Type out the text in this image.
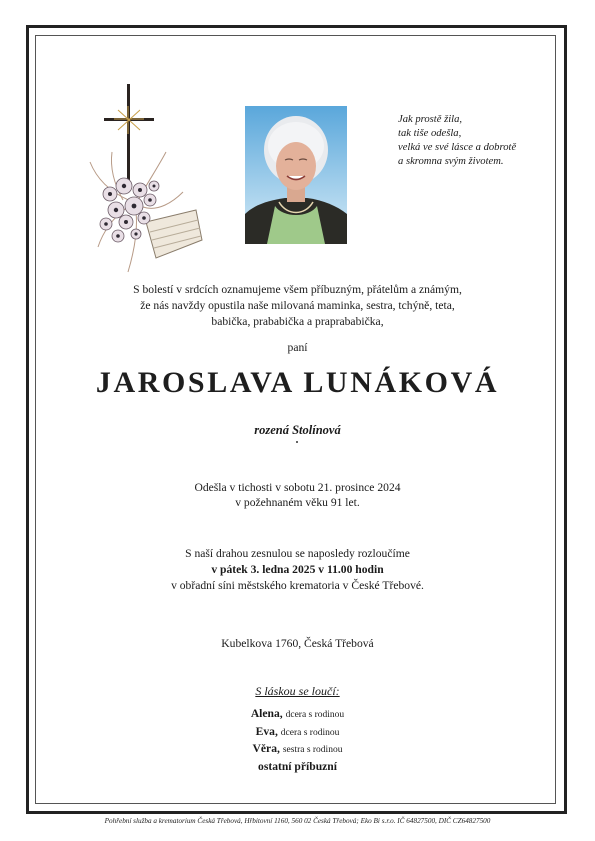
Jak prostě žila,
tak tiše odešla,
velká ve své lásce a dobrotě
a skromna svým životem.
S bolestí v srdcích oznamujeme všem příbuzným, přátelům a známým,
že nás navždy opustila naše milovaná maminka, sestra, tchýně, teta,
babička, prababička a praprababička,
paní
JAROSLAVA LUNÁKOVÁ
rozená Stolínová
Odešla v tichosti v sobotu 21. prosince 2024
v požehnaném věku 91 let.
S naší drahou zesnulou se naposledy rozloučíme
v pátek 3. ledna 2025 v 11.00 hodin
v obřadní síni městského krematoria v České Třebové.
Kubelkova 1760, Česká Třebová
S láskou se loučí:
Alena, dcera s rodinou
Eva, dcera s rodinou
Věra, sestra s rodinou
ostatní příbuzní
Pohřební služba a krematorium Česká Třebová, Hřbitovní 1160, 560 02 Česká Třebová; Eko Bi s.r.o. IČ 64827500, DIČ CZ64827500
